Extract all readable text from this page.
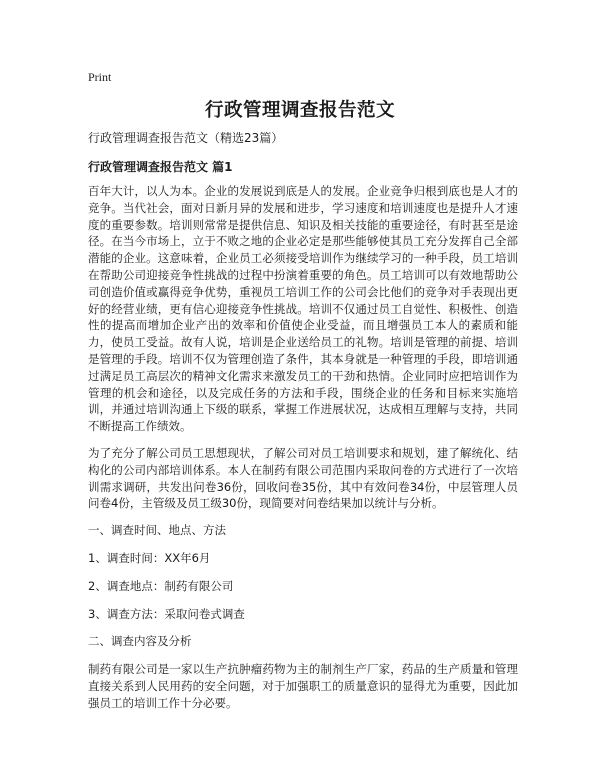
Print
行政管理调查报告范文

行政管理调查报告范文（精选23篇）

行政管理调查报告范文 篇1

百年大计，以人为本。企业的发展说到底是人的发展。企业竞争归根到底也是人才的竞争。当代社会，面对日新月异的发展和进步，学习速度和培训速度也是提升人才速度的重要参数。培训则常常是提供信息、知识及相关技能的重要途径，有时甚至是途径。在当今市场上，立于不败之地的企业必定是那些能够使其员工充分发挥自己全部潜能的企业。这意味着，企业员工必须接受培训作为继续学习的一种手段，员工培训在帮助公司迎接竞争性挑战的过程中扮演着重要的角色。员工培训可以有效地帮助公司创造价值或赢得竞争优势，重视员工培训工作的公司会比他们的竞争对手表现出更好的经营业绩，更有信心迎接竞争性挑战。培训不仅通过员工自觉性、积极性、创造性的提高而增加企业产出的效率和价值使企业受益，而且增强员工本人的素质和能力，使员工受益。故有人说，培训是企业送给员工的礼物。培训是管理的前提、培训是管理的手段。培训不仅为管理创造了条件，其本身就是一种管理的手段，即培训通过满足员工高层次的精神文化需求来激发员工的干劲和热情。企业同时应把培训作为管理的机会和途径，以及完成任务的方法和手段，围绕企业的任务和目标来实施培训，并通过培训沟通上下级的联系，掌握工作进展状况，达成相互理解与支持，共同不断提高工作绩效。

为了充分了解公司员工思想现状，了解公司对员工培训要求和规划，建了解统化、结构化的公司内部培训体系。本人在制药有限公司范围内采取问卷的方式进行了一次培训需求调研，共发出问卷36份，回收问卷35份，其中有效问卷34份，中层管理人员问卷4份，主管级及员工级30份，现简要对问卷结果加以统计与分析。

一、调查时间、地点、方法

1、调查时间：XX年6月

2、调查地点：制药有限公司

3、调查方法：采取问卷式调查

二、调查内容及分析

制药有限公司是一家以生产抗肿瘤药物为主的制剂生产厂家，药品的生产质量和管理直接关系到人民用药的安全问题，对于加强职工的质量意识的显得尤为重要，因此加强员工的培训工作十分必要。
